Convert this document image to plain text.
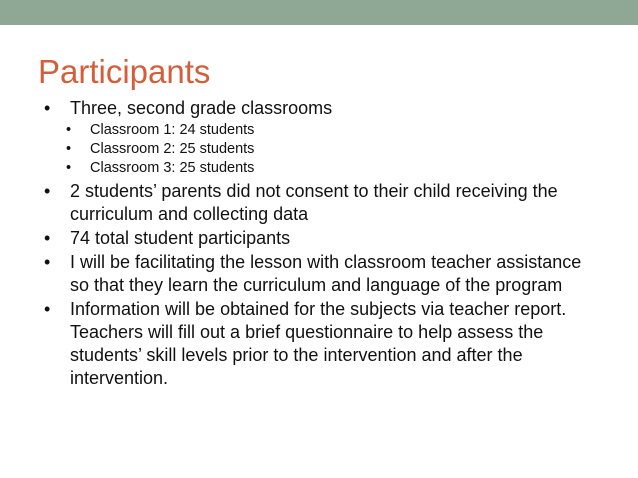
Participants
• Three, second grade classrooms
• Classroom 1: 24 students
• Classroom 2: 25 students
• Classroom 3: 25 students
• 2 students’ parents did not consent to their child receiving the curriculum and collecting data
• 74 total student participants
• I will be facilitating the lesson with classroom teacher assistance so that they learn the curriculum and language of the program
• Information will be obtained for the subjects via teacher report. Teachers will fill out a brief questionnaire to help assess the students’ skill levels prior to the intervention and after the intervention.
